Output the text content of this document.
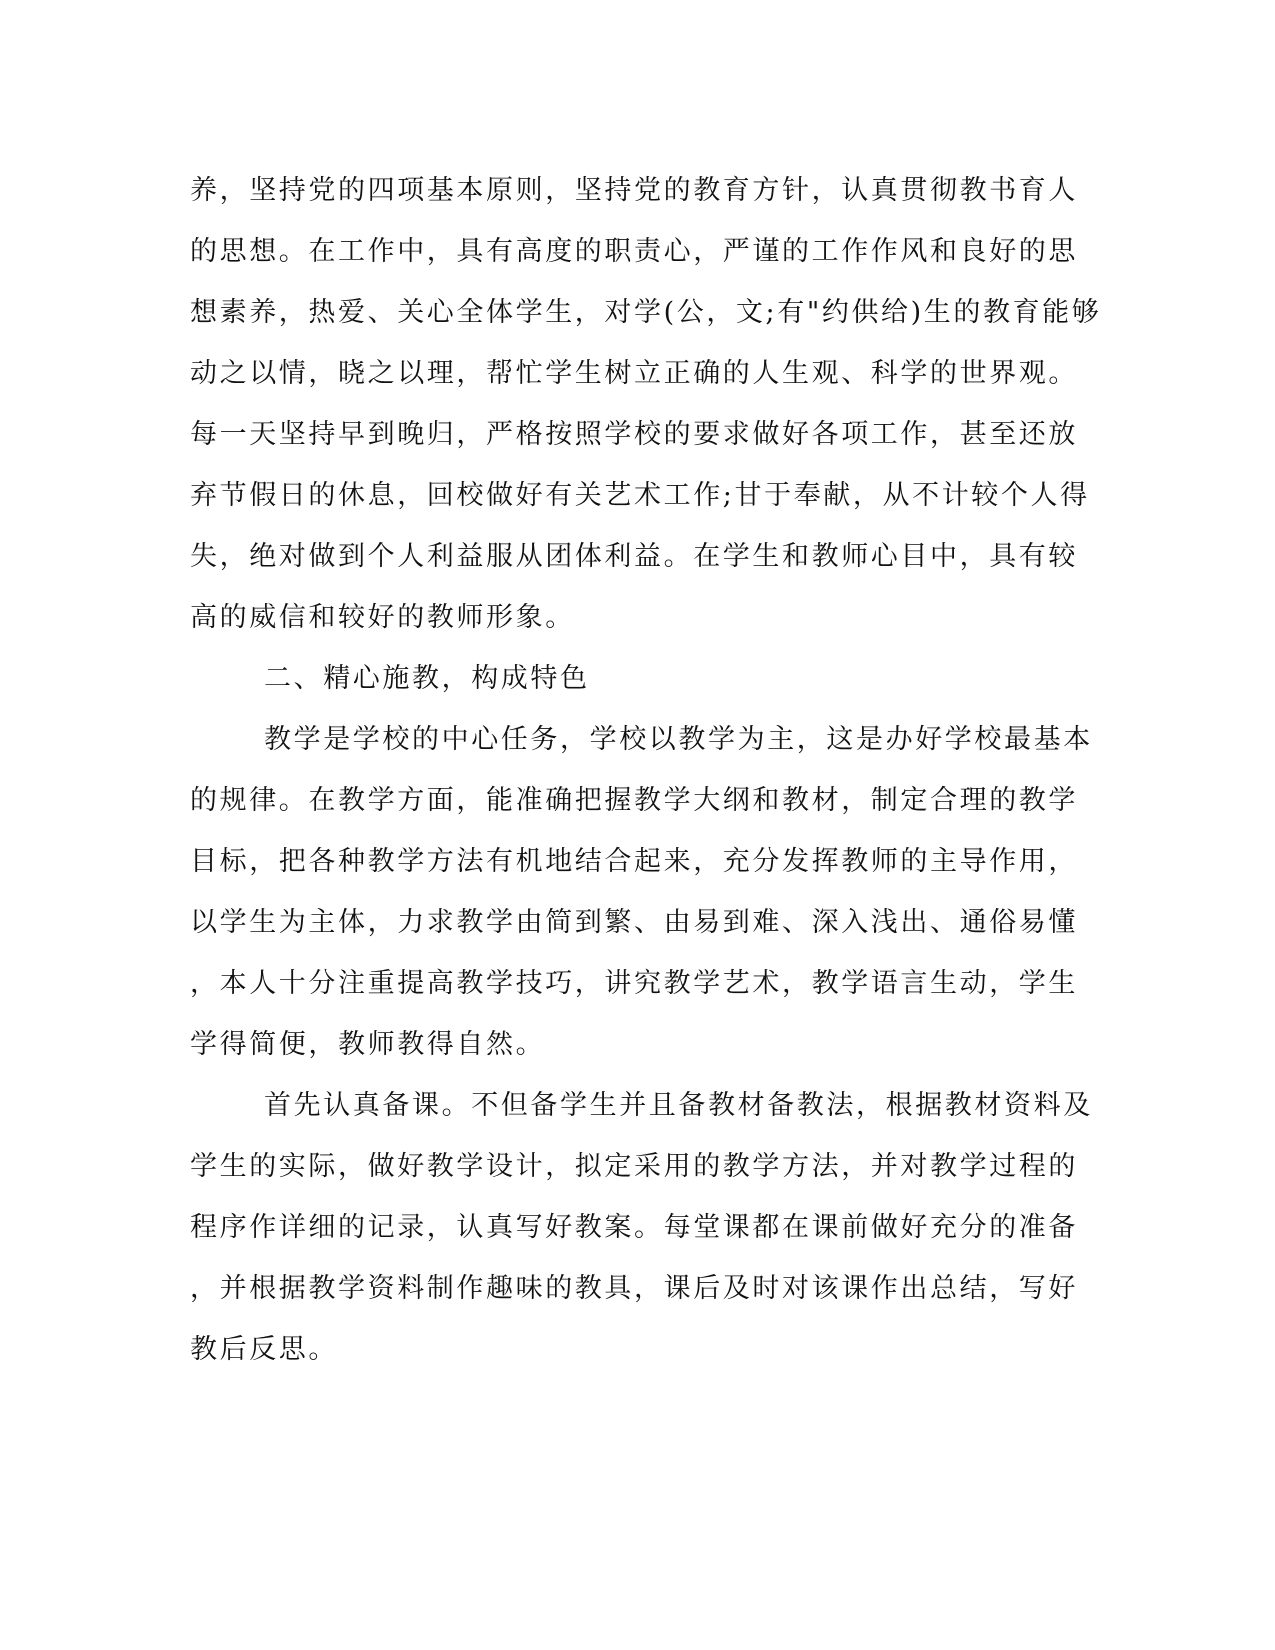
养，坚持党的四项基本原则，坚持党的教育方针，认真贯彻教书育人
的思想。在工作中，具有高度的职责心，严谨的工作作风和良好的思
想素养，热爱、关心全体学生，对学(公，文;有"约供给)生的教育能够
动之以情，晓之以理，帮忙学生树立正确的人生观、科学的世界观。
每一天坚持早到晚归，严格按照学校的要求做好各项工作，甚至还放
弃节假日的休息，回校做好有关艺术工作;甘于奉献，从不计较个人得
失，绝对做到个人利益服从团体利益。在学生和教师心目中，具有较
高的威信和较好的教师形象。
二、精心施教，构成特色
教学是学校的中心任务，学校以教学为主，这是办好学校最基本
的规律。在教学方面，能准确把握教学大纲和教材，制定合理的教学
目标，把各种教学方法有机地结合起来，充分发挥教师的主导作用，
以学生为主体，力求教学由简到繁、由易到难、深入浅出、通俗易懂
，本人十分注重提高教学技巧，讲究教学艺术，教学语言生动，学生
学得简便，教师教得自然。
首先认真备课。不但备学生并且备教材备教法，根据教材资料及
学生的实际，做好教学设计，拟定采用的教学方法，并对教学过程的
程序作详细的记录，认真写好教案。每堂课都在课前做好充分的准备
，并根据教学资料制作趣味的教具，课后及时对该课作出总结，写好
教后反思。
